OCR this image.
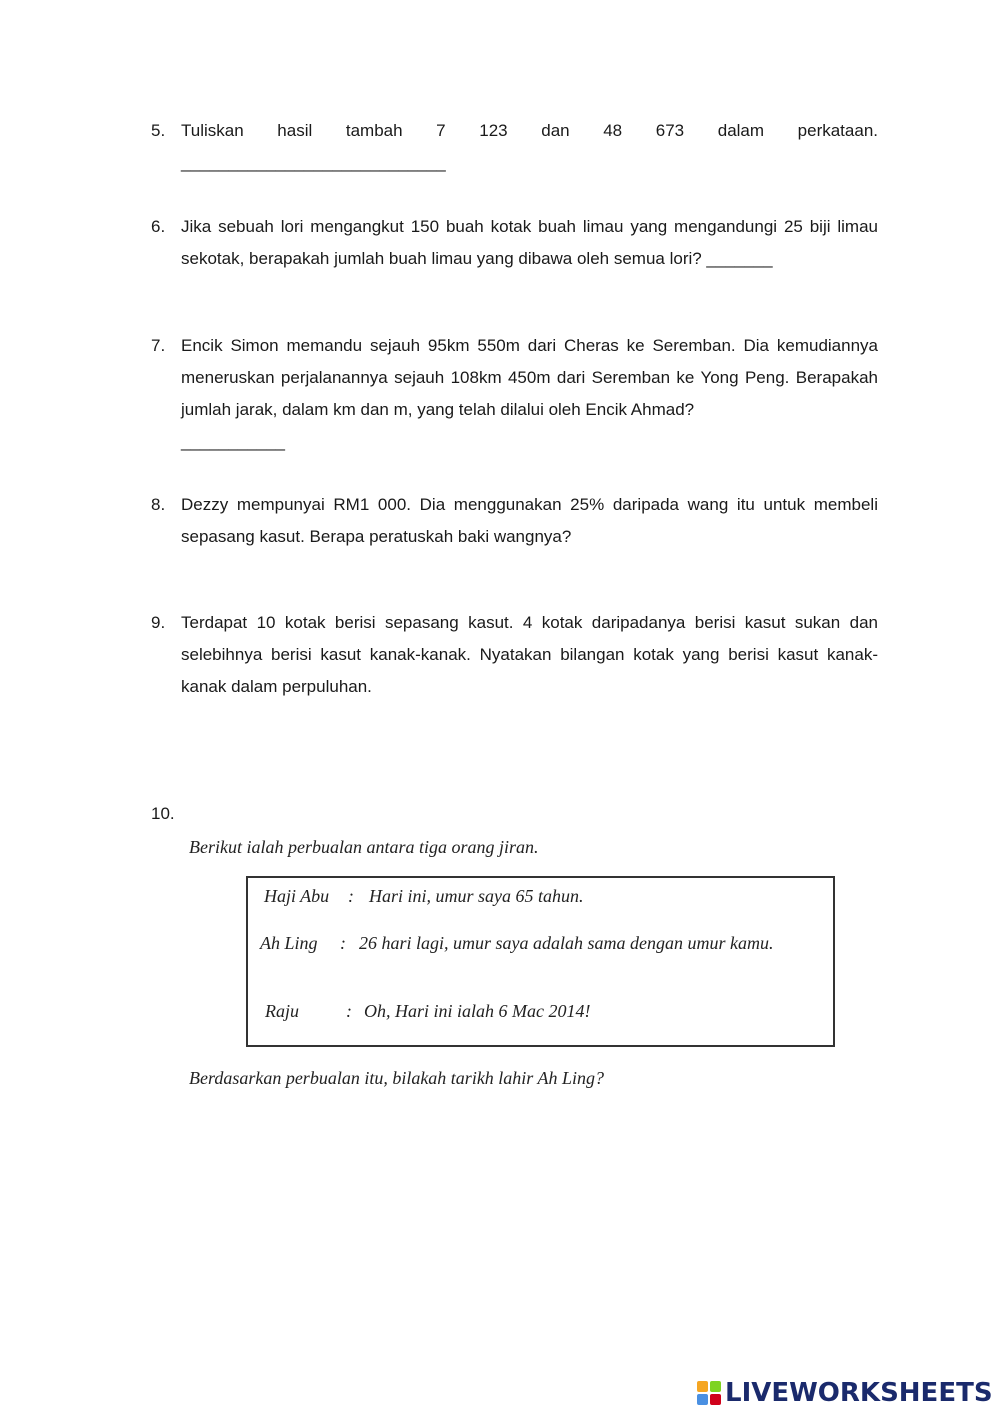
5. Tuliskan hasil tambah 7 123 dan 48 673 dalam perkataan.
____________________________
6. Jika sebuah lori mengangkut 150 buah kotak buah limau yang mengandungi 25 biji limau sekotak, berapakah jumlah buah limau yang dibawa oleh semua lori? _______
7. Encik Simon memandu sejauh 95km 550m dari Cheras ke Seremban. Dia kemudiannya meneruskan perjalanannya sejauh 108km 450m dari Seremban ke Yong Peng. Berapakah jumlah jarak, dalam km dan m, yang telah dilalui oleh Encik Ahmad?
___________
8. Dezzy mempunyai RM1 000. Dia menggunakan 25% daripada wang itu untuk membeli sepasang kasut. Berapa peratuskah baki wangnya?
9. Terdapat 10 kotak berisi sepasang kasut. 4 kotak daripadanya berisi kasut sukan dan selebihnya berisi kasut kanak-kanak. Nyatakan bilangan kotak yang berisi kasut kanak-kanak dalam perpuluhan.
10.
Berikut ialah perbualan antara tiga orang jiran.
Haji Abu : Hari ini, umur saya 65 tahun.
Ah Ling : 26 hari lagi, umur saya adalah sama dengan umur kamu.
Raju	: Oh, Hari ini ialah 6 Mac 2014!
Berdasarkan perbualan itu, bilakah tarikh lahir Ah Ling?
LIVEWORKSHEETS
